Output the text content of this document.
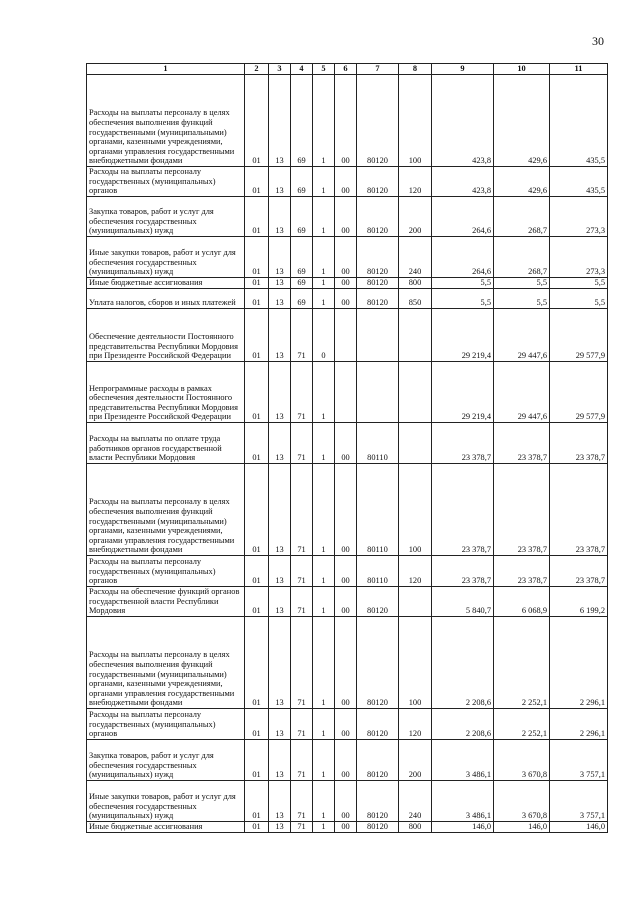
30
1	2	3	4	5	6	7	8	9	10	11
Расходы на выплаты персоналу в целях обеспечения выполнения функций государственными (муниципальными) органами, казенными учреждениями, органами управления государственными внебюджетными фондами	01	13	69	1	00	80120	100	423,8	429,6	435,5
Расходы на выплаты персоналу государственных (муниципальных) органов	01	13	69	1	00	80120	120	423,8	429,6	435,5
Закупка товаров, работ и услуг для обеспечения государственных (муниципальных) нужд	01	13	69	1	00	80120	200	264,6	268,7	273,3
Иные закупки товаров, работ и услуг для обеспечения государственных (муниципальных) нужд	01	13	69	1	00	80120	240	264,6	268,7	273,3
Иные бюджетные ассигнования	01	13	69	1	00	80120	800	5,5	5,5	5,5
Уплата налогов, сборов и иных платежей	01	13	69	1	00	80120	850	5,5	5,5	5,5
Обеспечение деятельности Постоянного представительства Республики Мордовия при Президенте Российской Федерации	01	13	71	0				29 219,4	29 447,6	29 577,9
Непрограммные расходы в рамках обеспечения деятельности Постоянного представительства Республики Мордовия при Президенте Российской Федерации	01	13	71	1				29 219,4	29 447,6	29 577,9
Расходы на выплаты по оплате труда работников органов государственной власти Республики Мордовия	01	13	71	1	00	80110		23 378,7	23 378,7	23 378,7
Расходы на выплаты персоналу в целях обеспечения выполнения функций государственными (муниципальными) органами, казенными учреждениями, органами управления государственными внебюджетными фондами	01	13	71	1	00	80110	100	23 378,7	23 378,7	23 378,7
Расходы на выплаты персоналу государственных (муниципальных) органов	01	13	71	1	00	80110	120	23 378,7	23 378,7	23 378,7
Расходы на обеспечение функций органов государственной власти Республики Мордовия	01	13	71	1	00	80120		5 840,7	6 068,9	6 199,2
Расходы на выплаты персоналу в целях обеспечения выполнения функций государственными (муниципальными) органами, казенными учреждениями, органами управления государственными внебюджетными фондами	01	13	71	1	00	80120	100	2 208,6	2 252,1	2 296,1
Расходы на выплаты персоналу государственных (муниципальных) органов	01	13	71	1	00	80120	120	2 208,6	2 252,1	2 296,1
Закупка товаров, работ и услуг для обеспечения государственных (муниципальных) нужд	01	13	71	1	00	80120	200	3 486,1	3 670,8	3 757,1
Иные закупки товаров, работ и услуг для обеспечения государственных (муниципальных) нужд	01	13	71	1	00	80120	240	3 486,1	3 670,8	3 757,1
Иные бюджетные ассигнования	01	13	71	1	00	80120	800	146,0	146,0	146,0
